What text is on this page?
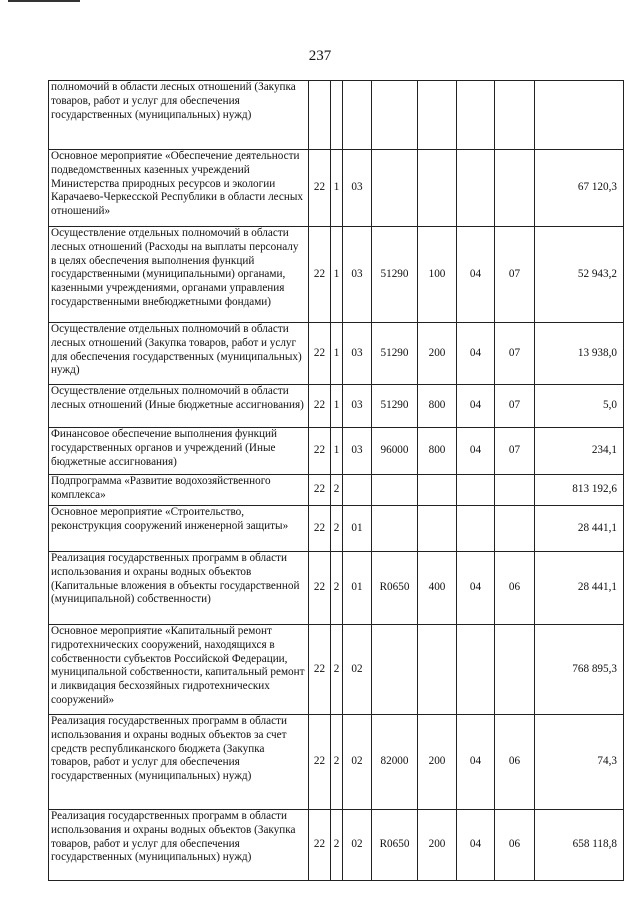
237
полномочий в области лесных отношений (Закупка товаров, работ и услуг для обеспечения государственных (муниципальных) нужд)								
Основное мероприятие «Обеспечение деятельности подведомственных казенных учреждений Министерства природных ресурсов и экологии Карачаево-Черкесской Республики в области лесных отношений»	22	1	03					67 120,3
Осуществление отдельных полномочий в области лесных отношений (Расходы на выплаты персоналу в целях обеспечения выполнения функций государственными (муниципальными) органами, казенными учреждениями, органами управления государственными внебюджетными фондами)	22	1	03	51290	100	04	07	52 943,2
Осуществление отдельных полномочий в области лесных отношений (Закупка товаров, работ и услуг для обеспечения государственных (муниципальных) нужд)	22	1	03	51290	200	04	07	13 938,0
Осуществление отдельных полномочий в области лесных отношений (Иные бюджетные ассигнования)	22	1	03	51290	800	04	07	5,0
Финансовое обеспечение выполнения функций государственных органов и учреждений (Иные бюджетные ассигнования)	22	1	03	96000	800	04	07	234,1
Подпрограмма «Развитие водохозяйственного комплекса»	22	2						813 192,6
Основное мероприятие «Строительство, реконструкция сооружений инженерной защиты»	22	2	01					28 441,1
Реализация государственных программ в области использования и охраны водных объектов (Капитальные вложения в объекты государственной (муниципальной) собственности)	22	2	01	R0650	400	04	06	28 441,1
Основное мероприятие «Капитальный ремонт гидротехнических сооружений, находящихся в собственности субъектов Российской Федерации, муниципальной собственности, капитальный ремонт и ликвидация бесхозяйных гидротехнических сооружений»	22	2	02					768 895,3
Реализация государственных программ в области использования и охраны водных объектов за счет средств республиканского бюджета (Закупка товаров, работ и услуг для обеспечения государственных (муниципальных) нужд)	22	2	02	82000	200	04	06	74,3
Реализация государственных программ в области использования и охраны водных объектов (Закупка товаров, работ и услуг для обеспечения государственных (муниципальных) нужд)	22	2	02	R0650	200	04	06	658 118,8
